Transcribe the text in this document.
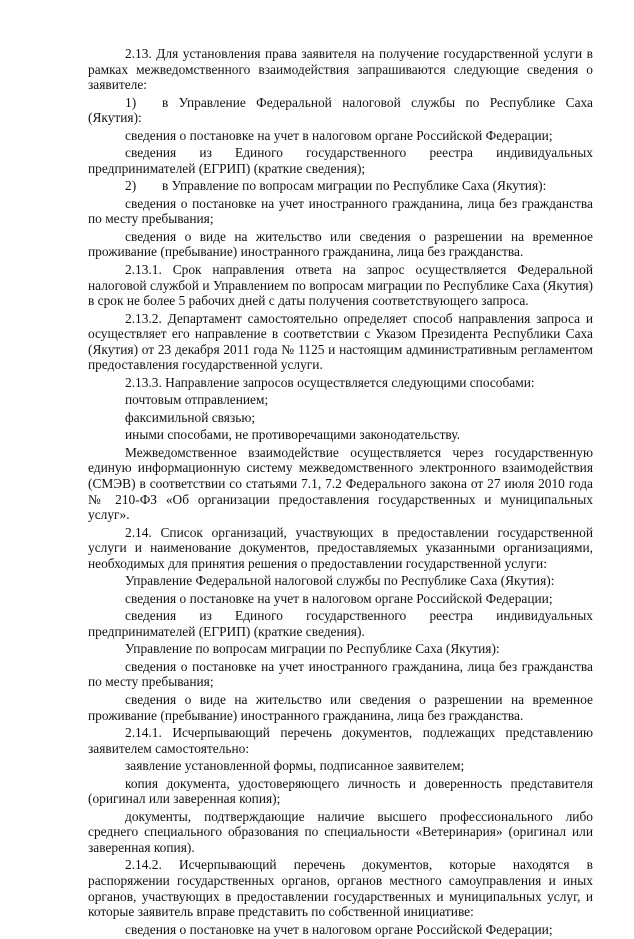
2.13. Для установления права заявителя на получение государственной услуги в рамках межведомственного взаимодействия запрашиваются следующие сведения о заявителе:

1) в Управление Федеральной налоговой службы по Республике Саха (Якутия):

сведения о постановке на учет в налоговом органе Российской Федерации;

сведения из Единого государственного реестра индивидуальных предпринимателей (ЕГРИП) (краткие сведения);

2) в Управление по вопросам миграции по Республике Саха (Якутия):

сведения о постановке на учет иностранного гражданина, лица без гражданства по месту пребывания;

сведения о виде на жительство или сведения о разрешении на временное проживание (пребывание) иностранного гражданина, лица без гражданства.

2.13.1. Срок направления ответа на запрос осуществляется Федеральной налоговой службой и Управлением по вопросам миграции по Республике Саха (Якутия) в срок не более 5 рабочих дней с даты получения соответствующего запроса.

2.13.2. Департамент самостоятельно определяет способ направления запроса и осуществляет его направление в соответствии с Указом Президента Республики Саха (Якутия) от 23 декабря 2011 года № 1125 и настоящим административным регламентом предоставления государственной услуги.

2.13.3. Направление запросов осуществляется следующими способами:

почтовым отправлением;

факсимильной связью;

иными способами, не противоречащими законодательству.

Межведомственное взаимодействие осуществляется через государственную единую информационную систему межведомственного электронного взаимодействия (СМЭВ) в соответствии со статьями 7.1, 7.2 Федерального закона от 27 июля 2010 года № 210-ФЗ «Об организации предоставления государственных и муниципальных услуг».

2.14. Список организаций, участвующих в предоставлении государственной услуги и наименование документов, предоставляемых указанными организациями, необходимых для принятия решения о предоставлении государственной услуги:

Управление Федеральной налоговой службы по Республике Саха (Якутия):

сведения о постановке на учет в налоговом органе Российской Федерации;

сведения из Единого государственного реестра индивидуальных предпринимателей (ЕГРИП) (краткие сведения).

Управление по вопросам миграции по Республике Саха (Якутия):

сведения о постановке на учет иностранного гражданина, лица без гражданства по месту пребывания;

сведения о виде на жительство или сведения о разрешении на временное проживание (пребывание) иностранного гражданина, лица без гражданства.

2.14.1. Исчерпывающий перечень документов, подлежащих представлению заявителем самостоятельно:

заявление установленной формы, подписанное заявителем;

копия документа, удостоверяющего личность и доверенность представителя (оригинал или заверенная копия);

документы, подтверждающие наличие высшего профессионального либо среднего специального образования по специальности «Ветеринария» (оригинал или заверенная копия).

2.14.2. Исчерпывающий перечень документов, которые находятся в распоряжении государственных органов, органов местного самоуправления и иных органов, участвующих в предоставлении государственных и муниципальных услуг, и которые заявитель вправе представить по собственной инициативе:

сведения о постановке на учет в налоговом органе Российской Федерации;
